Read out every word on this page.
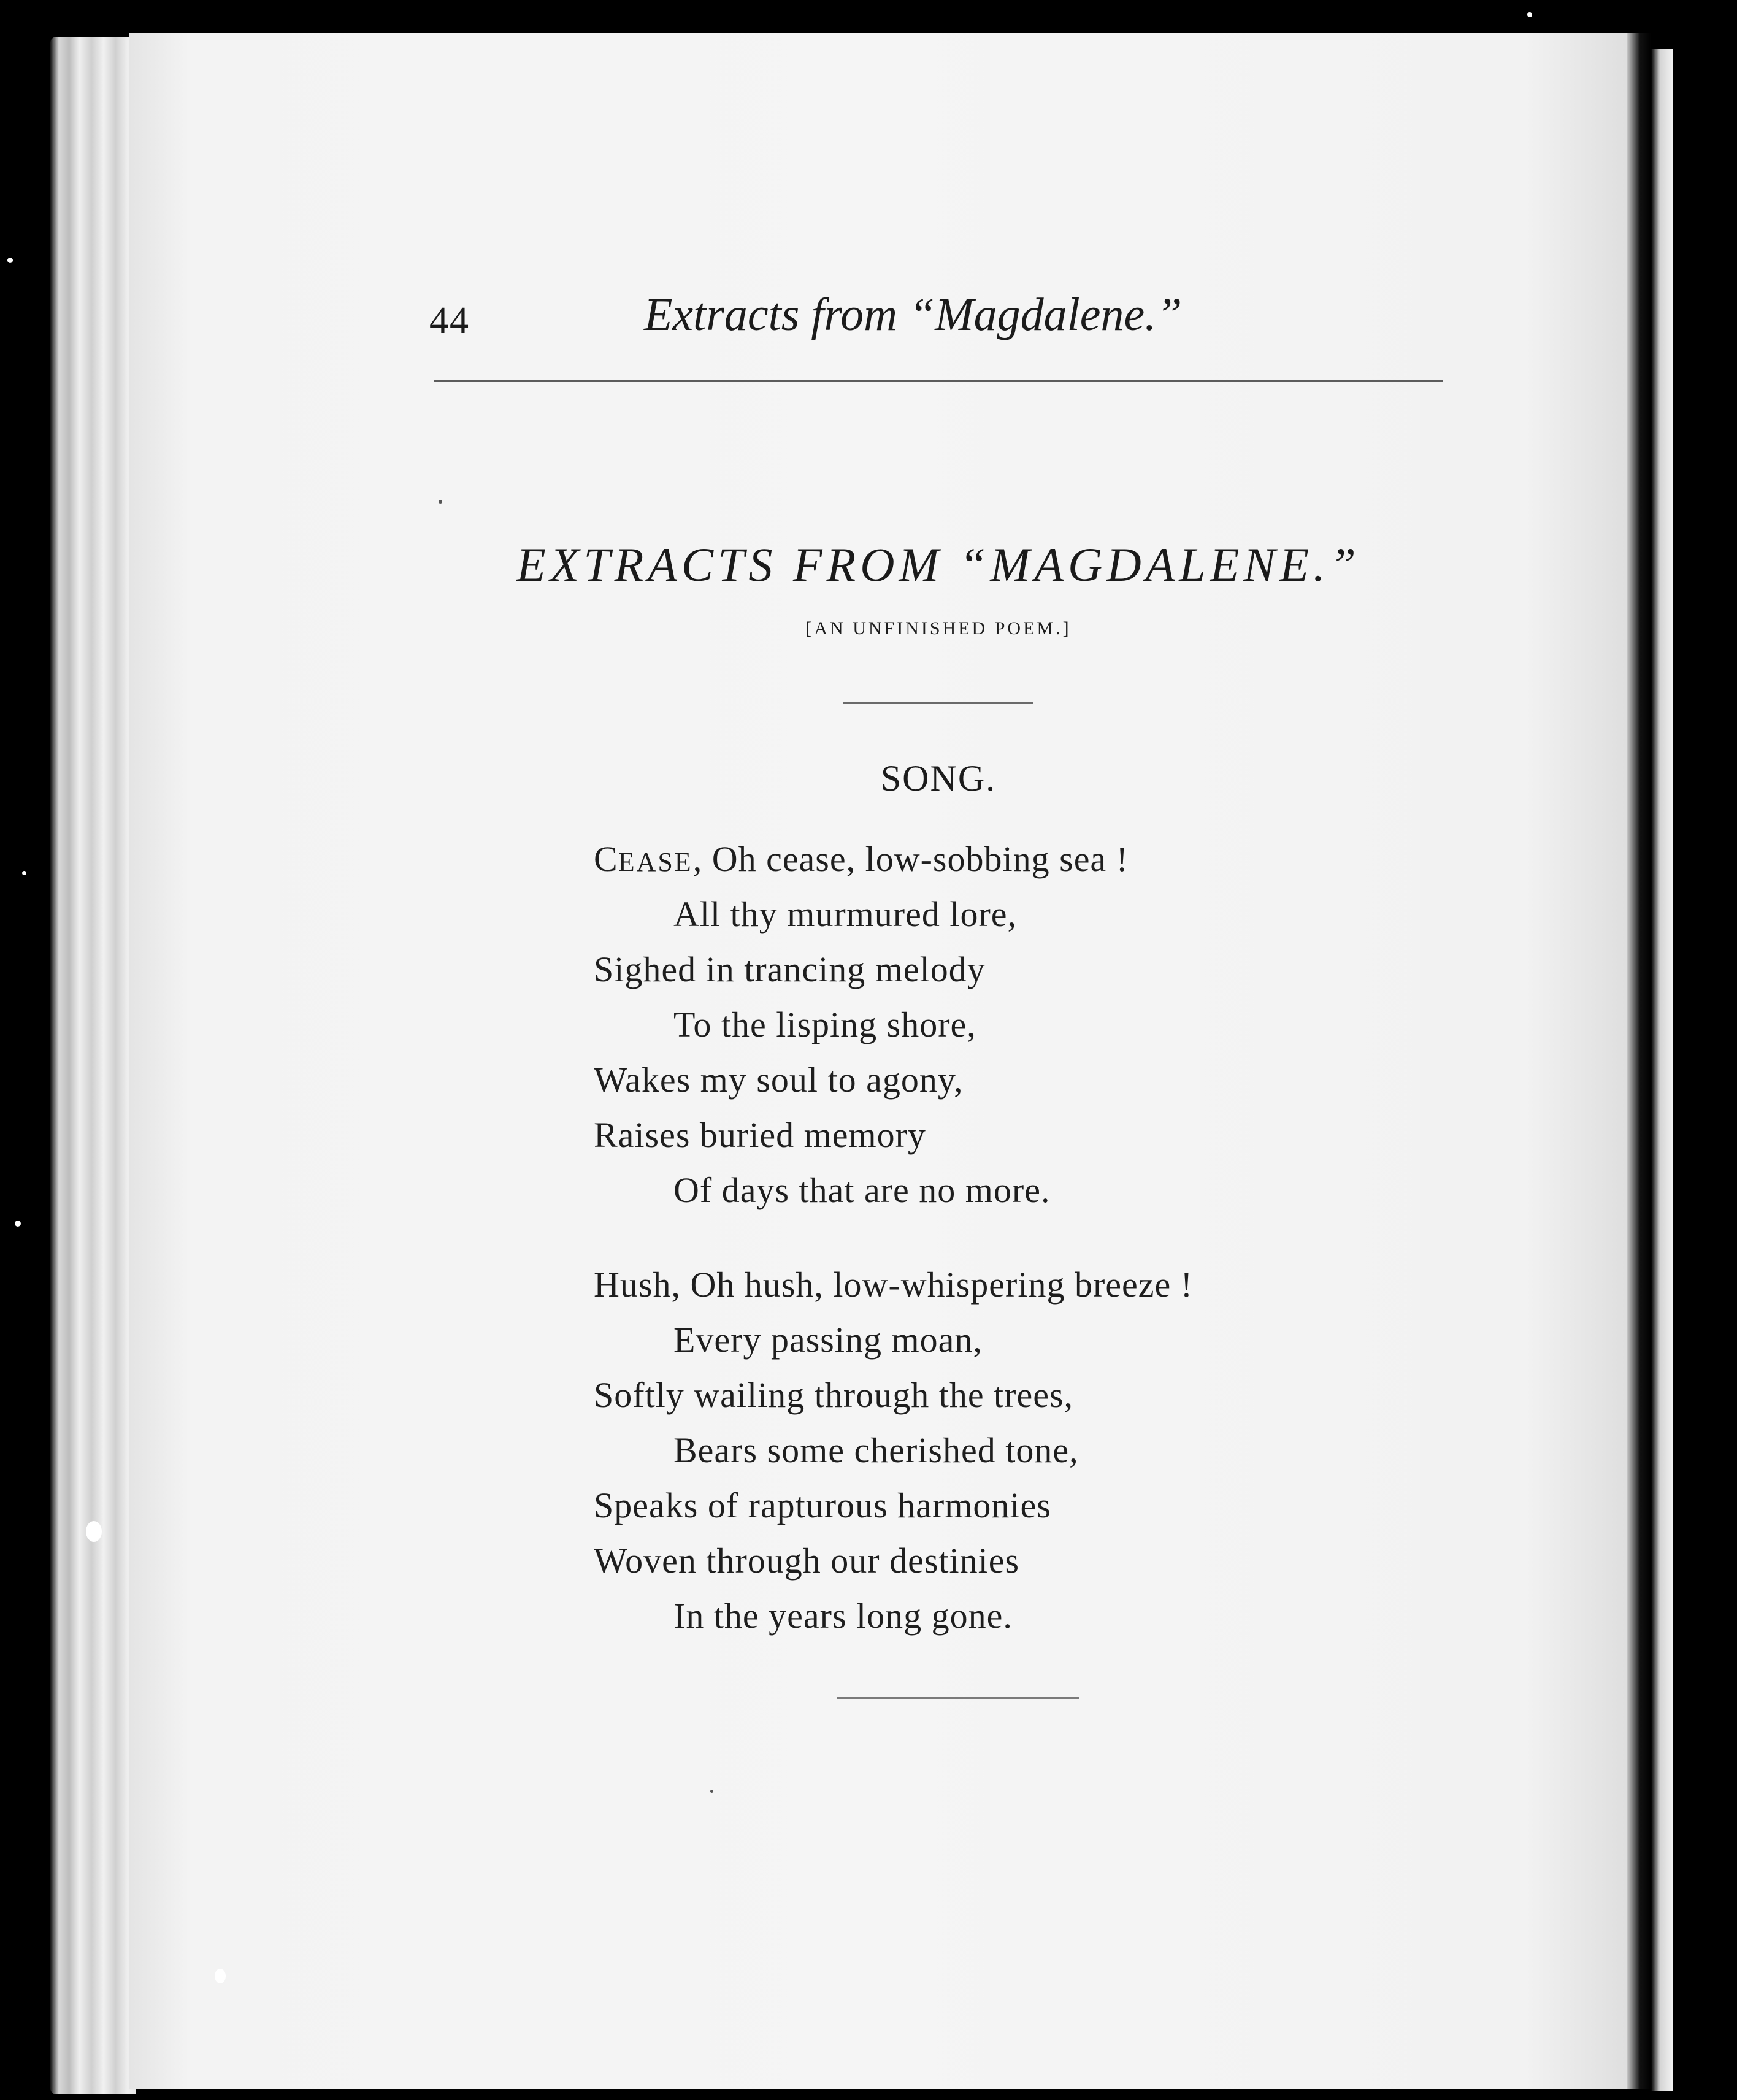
44	Extracts from “Magdalene.”
EXTRACTS FROM “MAGDALENE.”
[AN UNFINISHED POEM.]
SONG.
CEASE, Oh cease, low-sobbing sea !
All thy murmured lore,
Sighed in trancing melody
To the lisping shore,
Wakes my soul to agony,
Raises buried memory
Of days that are no more.
Hush, Oh hush, low-whispering breeze !
Every passing moan,
Softly wailing through the trees,
Bears some cherished tone,
Speaks of rapturous harmonies
Woven through our destinies
In the years long gone.
